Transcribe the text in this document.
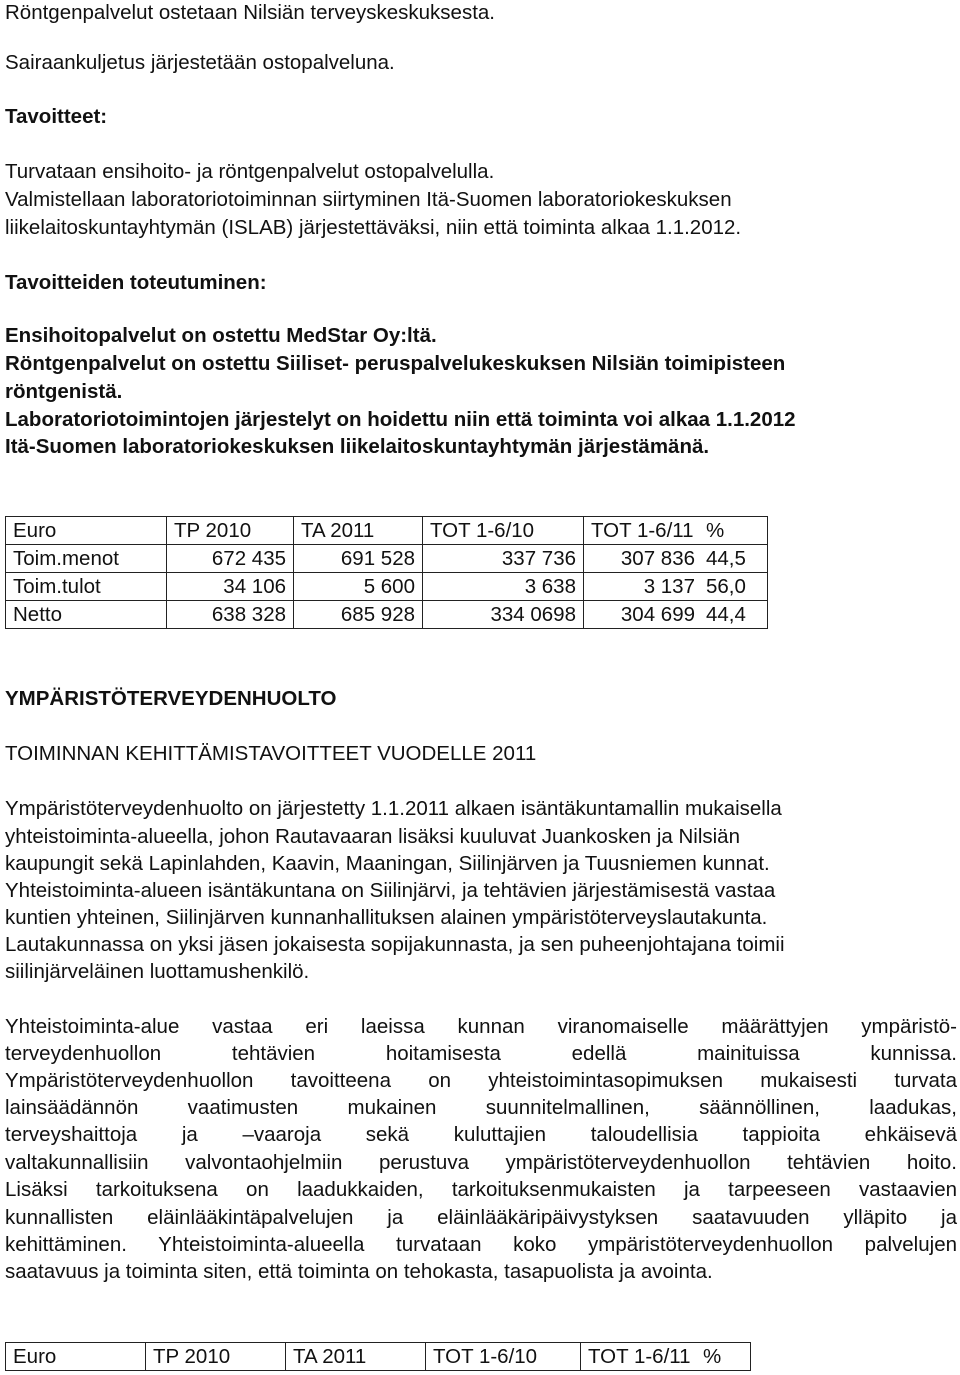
Röntgenpalvelut ostetaan Nilsiän terveyskeskuksesta.
Sairaankuljetus järjestetään ostopalveluna.
Tavoitteet:
Turvataan ensihoito- ja röntgenpalvelut ostopalvelulla.
Valmistellaan laboratoriotoiminnan siirtyminen Itä-Suomen laboratoriokeskuksen
liikelaitoskuntayhtymän (ISLAB) järjestettäväksi, niin että toiminta alkaa 1.1.2012.
Tavoitteiden toteutuminen:
Ensihoitopalvelut on ostettu MedStar Oy:ltä.
Röntgenpalvelut on ostettu Siiliset- peruspalvelukeskuksen Nilsiän toimipisteen
röntgenistä.
Laboratoriotoimintojen järjestelyt on hoidettu niin että toiminta voi alkaa 1.1.2012
Itä-Suomen laboratoriokeskuksen liikelaitoskuntayhtymän järjestämänä.
Euro	TP 2010	TA 2011	TOT 1-6/10	TOT 1-6/11	%
Toim.menot	672 435	691 528	337 736	307 836	44,5
Toim.tulot	34 106	5 600	3 638	3 137	56,0
Netto	638 328	685 928	334 0698	304 699	44,4
YMPÄRISTÖTERVEYDENHUOLTO
TOIMINNAN KEHITTÄMISTAVOITTEET VUODELLE 2011
Ympäristöterveydenhuolto on järjestetty 1.1.2011 alkaen isäntäkuntamallin mukaisella
yhteistoiminta-alueella, johon Rautavaaran lisäksi kuuluvat Juankosken ja Nilsiän
kaupungit sekä Lapinlahden, Kaavin, Maaningan, Siilinjärven ja Tuusniemen kunnat.
Yhteistoiminta-alueen isäntäkuntana on Siilinjärvi, ja tehtävien järjestämisestä vastaa
kuntien yhteinen, Siilinjärven kunnanhallituksen alainen ympäristöterveyslautakunta.
Lautakunnassa on yksi jäsen jokaisesta sopijakunnasta, ja sen puheenjohtajana toimii
siilinjärveläinen luottamushenkilö.
Yhteistoiminta-alue vastaa eri laeissa kunnan viranomaiselle määrättyjen ympäristö-
terveydenhuollon tehtävien hoitamisesta edellä mainituissa kunnissa.
Ympäristöterveydenhuollon tavoitteena on yhteistoimintasopimuksen mukaisesti turvata
lainsäädännön vaatimusten mukainen suunnitelmallinen, säännöllinen, laadukas,
terveyshaittoja ja –vaaroja sekä kuluttajien taloudellisia tappioita ehkäisevä
valtakunnallisiin valvontaohjelmiin perustuva ympäristöterveydenhuollon tehtävien hoito.
Lisäksi tarkoituksena on laadukkaiden, tarkoituksenmukaisten ja tarpeeseen vastaavien
kunnallisten eläinlääkintäpalvelujen ja eläinlääkäripäivystyksen saatavuuden ylläpito ja
kehittäminen. Yhteistoiminta-alueella turvataan koko ympäristöterveydenhuollon palvelujen
saatavuus ja toiminta siten, että toiminta on tehokasta, tasapuolista ja avointa.
Euro	TP 2010	TA 2011	TOT 1-6/10	TOT 1-6/11	%
